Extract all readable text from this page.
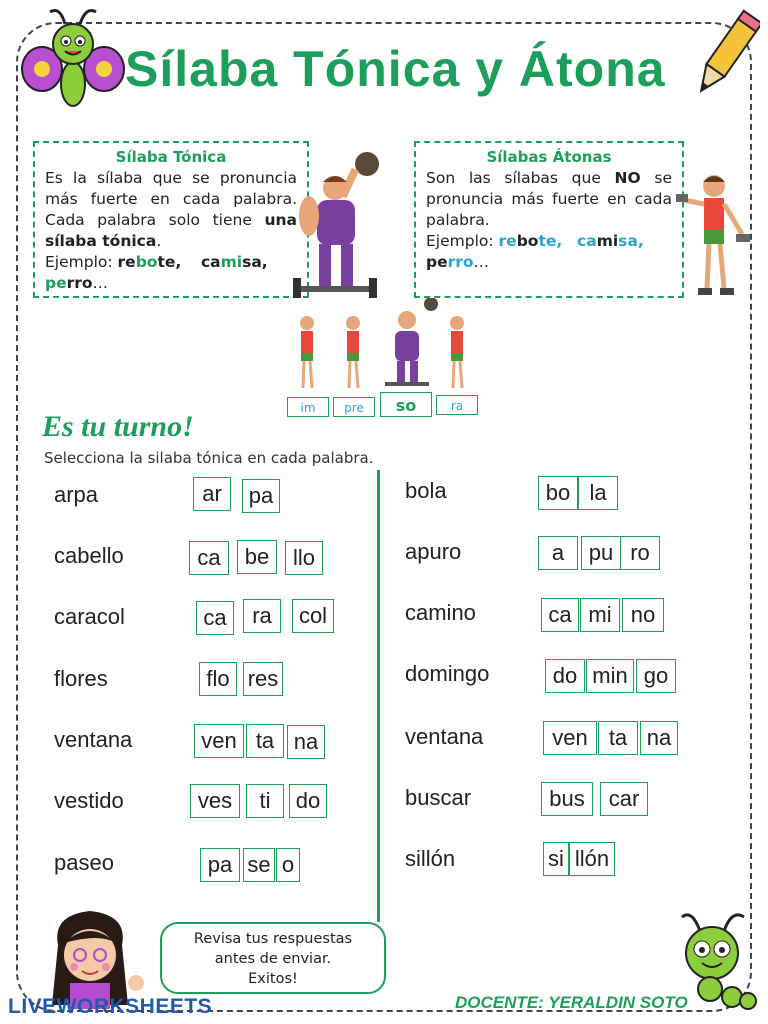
Sílaba Tónica y Átona
Sílaba Tónica

Es la sílaba que se pronuncia más fuerte en cada palabra. Cada palabra solo tiene una sílaba tónica.
Ejemplo: rebote, camisa,
perro…

Sílabas Átonas

Son las sílabas que NO se pronuncia más fuerte en cada palabra.
Ejemplo: rebote, camisa,
perro…

im	pre	so	ra
Es tu turno!
Selecciona la silaba tónica en cada palabra.
arpa	ar	pa
cabello	ca	be	llo
caracol	ca	ra	col
flores	flo res
ventana	ven ta na
vestido	ves	ti	do
paseo	pa se o
bola	bo la
apuro	a	pu ro
camino	ca mi no
domingo	do min go
ventana	ven ta na
buscar	bus	car
sillón	si llón
Revisa tus respuestas
antes de enviar.
Exitos!
LIVEWORKSHEETS	DOCENTE: YERALDIN SOTO
